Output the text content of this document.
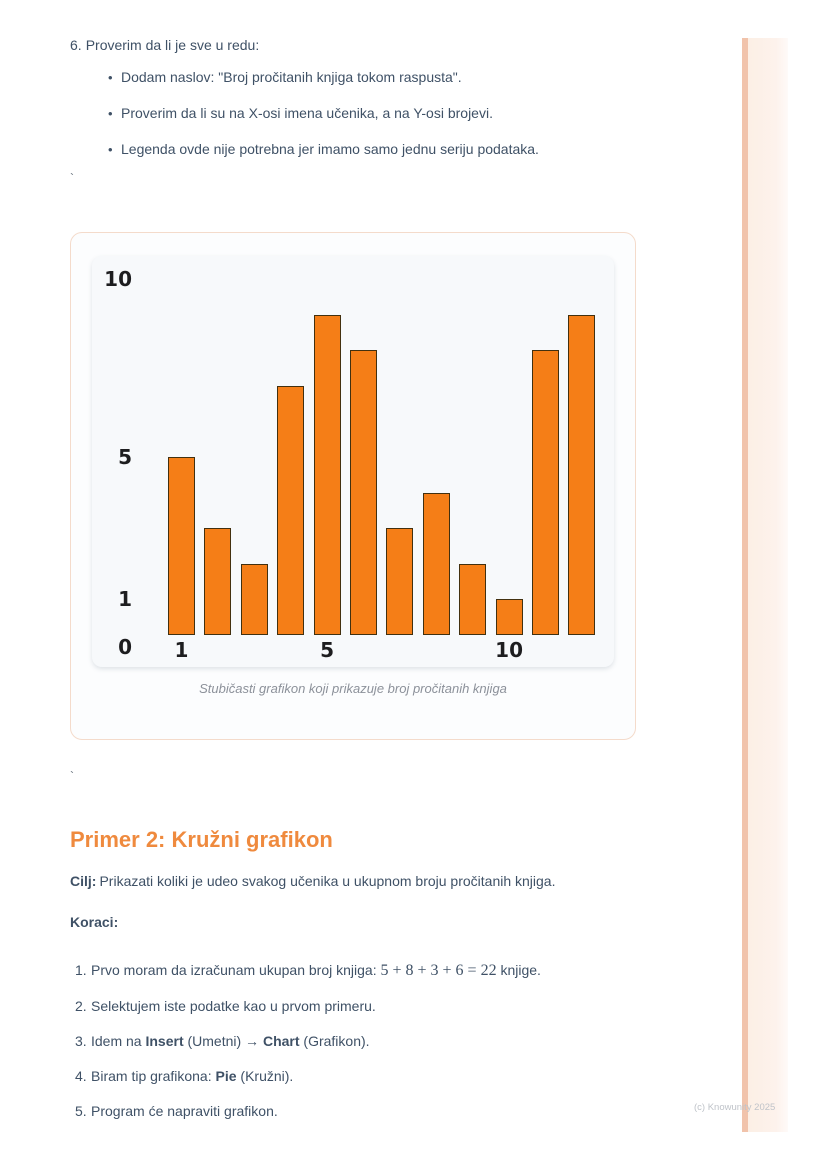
6. Proverim da li je sve u redu:
• Dodam naslov: "Broj pročitanih knjiga tokom raspusta".
• Proverim da li su na X-osi imena učenika, a na Y-osi brojevi.
• Legenda ovde nije potrebna jer imamo samo jednu seriju podataka.
`
0
1
5
10
1	5	10
Stubičasti grafikon koji prikazuje broj pročitanih knjiga
`
Primer 2: Kružni grafikon

Cilj: Prikazati koliki je udeo svakog učenika u ukupnom broju pročitanih knjiga.

Koraci:

1. Prvo moram da izračunam ukupan broj knjiga: 5 + 8 + 3 + 6 = 22 knjige.
2. Selektujem iste podatke kao u prvom primeru.
3. Idem na Insert (Umetni) → Chart (Grafikon).
4. Biram tip grafikona: Pie (Kružni).
5. Program će napraviti grafikon.	(c) Knowunity 2025
